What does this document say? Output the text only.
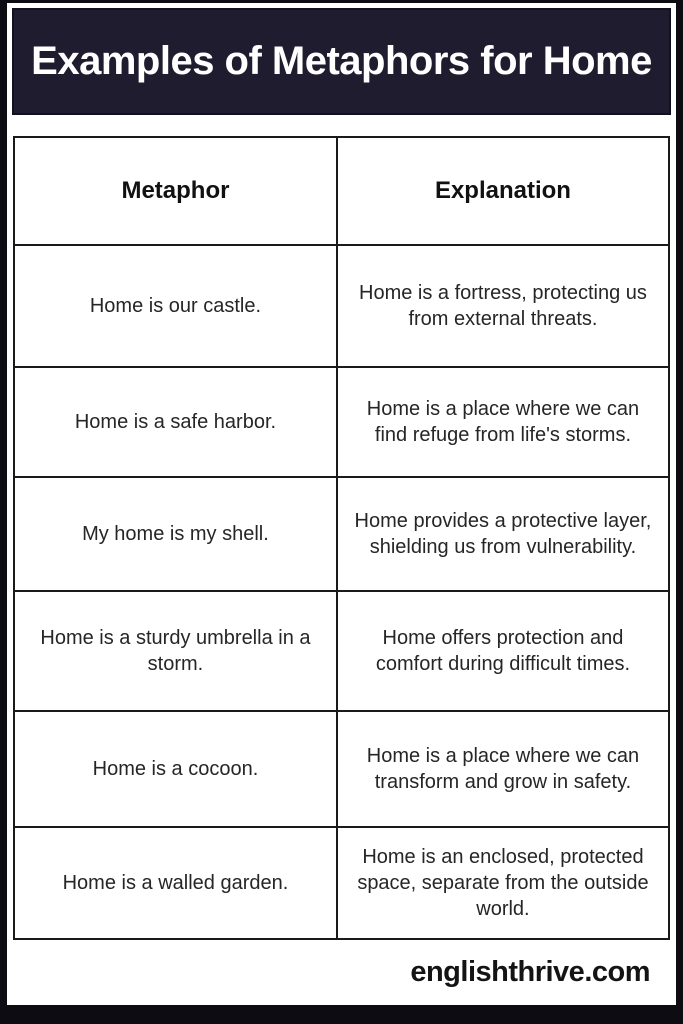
Examples of Metaphors for Home
Metaphor	Explanation
Home is our castle.	Home is a fortress, protecting us from external threats.
Home is a safe harbor.	Home is a place where we can find refuge from life's storms.
My home is my shell.	Home provides a protective layer, shielding us from vulnerability.
Home is a sturdy umbrella in a storm.	Home offers protection and comfort during difficult times.
Home is a cocoon.	Home is a place where we can transform and grow in safety.
Home is a walled garden.	Home is an enclosed, protected space, separate from the outside world.
englishthrive.com
